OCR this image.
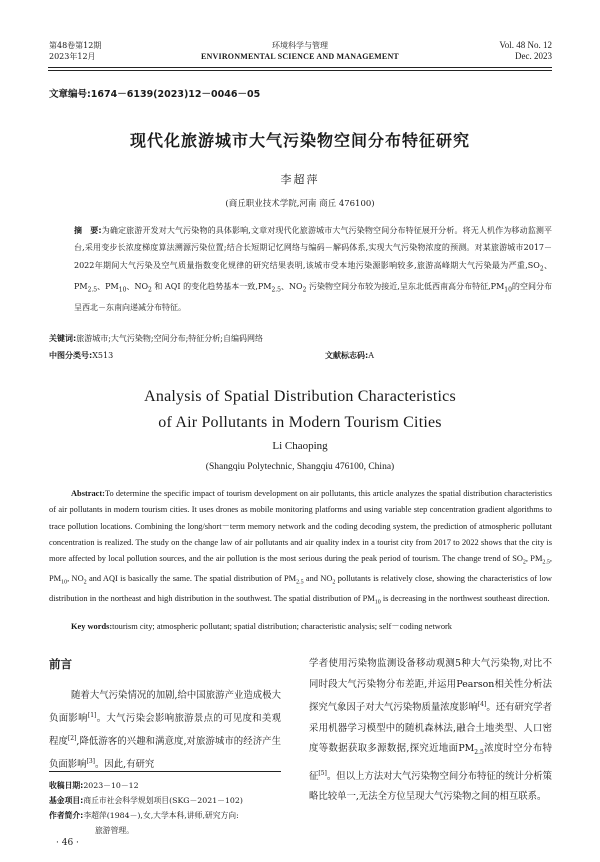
第48卷第12期
2023年12月
环境科学与管理
ENVIRONMENTAL SCIENCE AND MANAGEMENT
Vol. 48 No. 12
Dec. 2023
文章编号:1674－6139(2023)12－0046－05
现代化旅游城市大气污染物空间分布特征研究
李超萍
(商丘职业技术学院,河南 商丘 476100)

摘　要:为确定旅游开发对大气污染物的具体影响,文章对现代化旅游城市大气污染物空间分布特征展开分析。将无人机作为移动监测平台,采用变步长浓度梯度算法溯源污染位置;结合长短期记忆网络与编码－解码体系,实现大气污染物浓度的预测。对某旅游城市2017－2022年期间大气污染及空气质量指数变化规律的研究结果表明,该城市受本地污染源影响较多,旅游高峰期大气污染最为严重$,SO_2$、$PM_{2.5}$、$PM_{10}$、$NO_2$ 和 AQI 的变化趋势基本一致$,PM_{2.5}$、$NO_2$ 污染物空间分布较为接近,呈东北低西南高分布特征$,PM_{10}$的空间分布呈西北－东南向递减分布特征。

关键词:旅游城市;大气污染物;空间分布;特征分析;自编码网络

中图分类号:X513	文献标志码:A
Analysis of Spatial Distribution Characteristics
of Air Pollutants in Modern Tourism Cities
Li Chaoping
(Shangqiu Polytechnic, Shangqiu 476100, China)

Abstract:To determine the specific impact of tourism development on air pollutants, this article analyzes the spatial distribution characteristics of air pollutants in modern tourism cities. It uses drones as mobile monitoring platforms and using variable step concentration gradient algorithms to trace pollution locations. Combining the long/short－term memory network and the coding decoding system, the prediction of atmospheric pollutant concentration is realized. The study on the change law of air pollutants and air quality index in a tourist city from 2017 to 2022 shows that the city is more affected by local pollution sources, and the air pollution is the most serious during the peak period of tourism. The change trend of $SO_2$, $PM_{2.5}$, $PM_{10}$, $NO_2$ and AQI is basically the same. The spatial distribution of $PM_{2.5}$ and $NO_2$ pollutants is relatively close, showing the characteristics of low distribution in the northeast and high distribution in the southwest. The spatial distribution of $PM_{10}$ is decreasing in the northwest southeast direction.

Key words:tourism city; atmospheric pollutant; spatial distribution; characteristic analysis; self－coding network

前言

随着大气污染情况的加剧,给中国旅游产业造成极大负面影响[1]。大气污染会影响旅游景点的可见度和美观程度[2],降低游客的兴趣和满意度,对旅游城市的经济产生负面影响[3]。因此,有研究

学者使用污染物监测设备移动观测5种大气污染物,对比不同时段大气污染物分布差距,并运用Pearson相关性分析法探究气象因子对大气污染物质量浓度影响[4]。还有研究学者采用机器学习模型中的随机森林法,融合土地类型、人口密度等数据获取多源数据,探究近地面$PM_{2.5}$浓度时空分布特征[5]。但以上方法对大气污染物空间分布特征的统计分析策略比较单一,无法全方位呈现大气污染物之间的相互联系。

收稿日期:2023－10－12

基金项目:商丘市社会科学规划项目(SKG－2021－102)

作者简介:李超萍(1984－),女,大学本科,讲师,研究方向:

旅游管理。

· 46 ·
